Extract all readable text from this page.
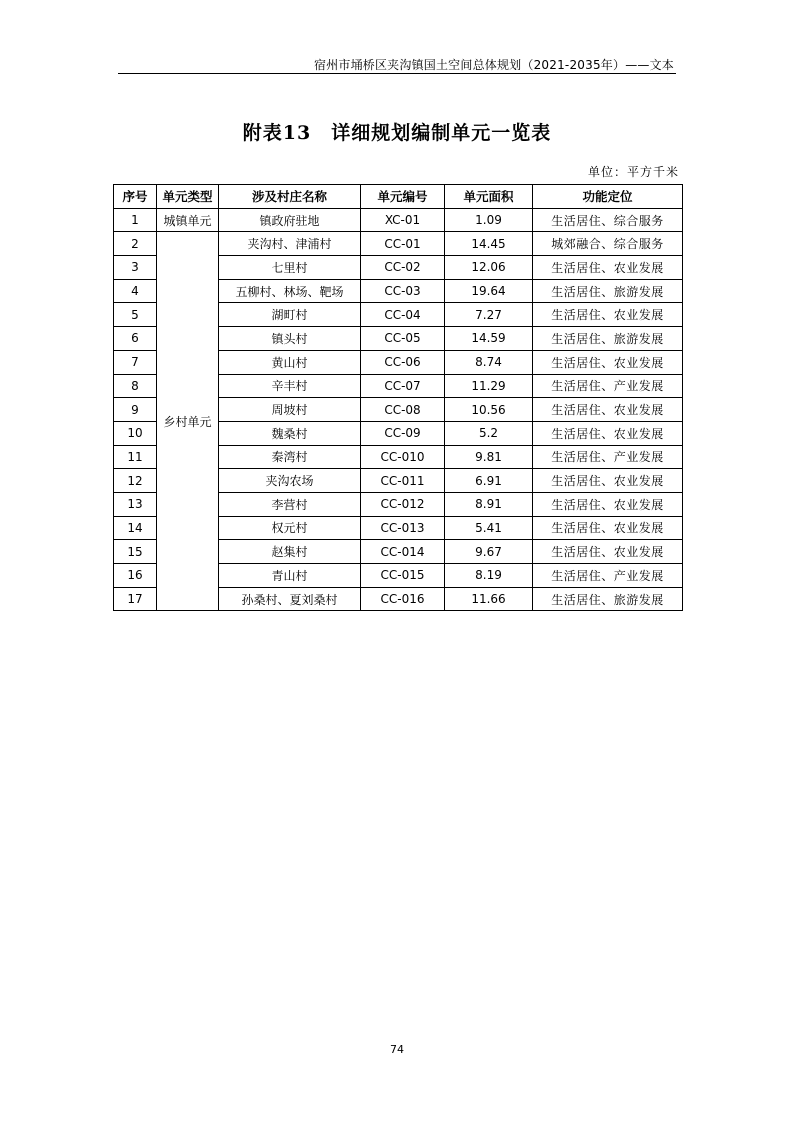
宿州市埇桥区夹沟镇国土空间总体规划（2021-2035年）——文本
附表13　详细规划编制单元一览表
单位：平方千米
序号	单元类型	涉及村庄名称	单元编号	单元面积	功能定位
1	城镇单元	镇政府驻地	XC-01	1.09	生活居住、综合服务
2	乡村单元	夹沟村、津浦村	CC-01	14.45	城郊融合、综合服务
3		七里村	CC-02	12.06	生活居住、农业发展
4		五柳村、林场、靶场	CC-03	19.64	生活居住、旅游发展
5		湖町村	CC-04	7.27	生活居住、农业发展
6		镇头村	CC-05	14.59	生活居住、旅游发展
7		黄山村	CC-06	8.74	生活居住、农业发展
8		辛丰村	CC-07	11.29	生活居住、产业发展
9		周坡村	CC-08	10.56	生活居住、农业发展
10		魏桑村	CC-09	5.2	生活居住、农业发展
11		秦湾村	CC-010	9.81	生活居住、产业发展
12		夹沟农场	CC-011	6.91	生活居住、农业发展
13		李营村	CC-012	8.91	生活居住、农业发展
14		权元村	CC-013	5.41	生活居住、农业发展
15		赵集村	CC-014	9.67	生活居住、农业发展
16		青山村	CC-015	8.19	生活居住、产业发展
17		孙桑村、夏刘桑村	CC-016	11.66	生活居住、旅游发展
74
